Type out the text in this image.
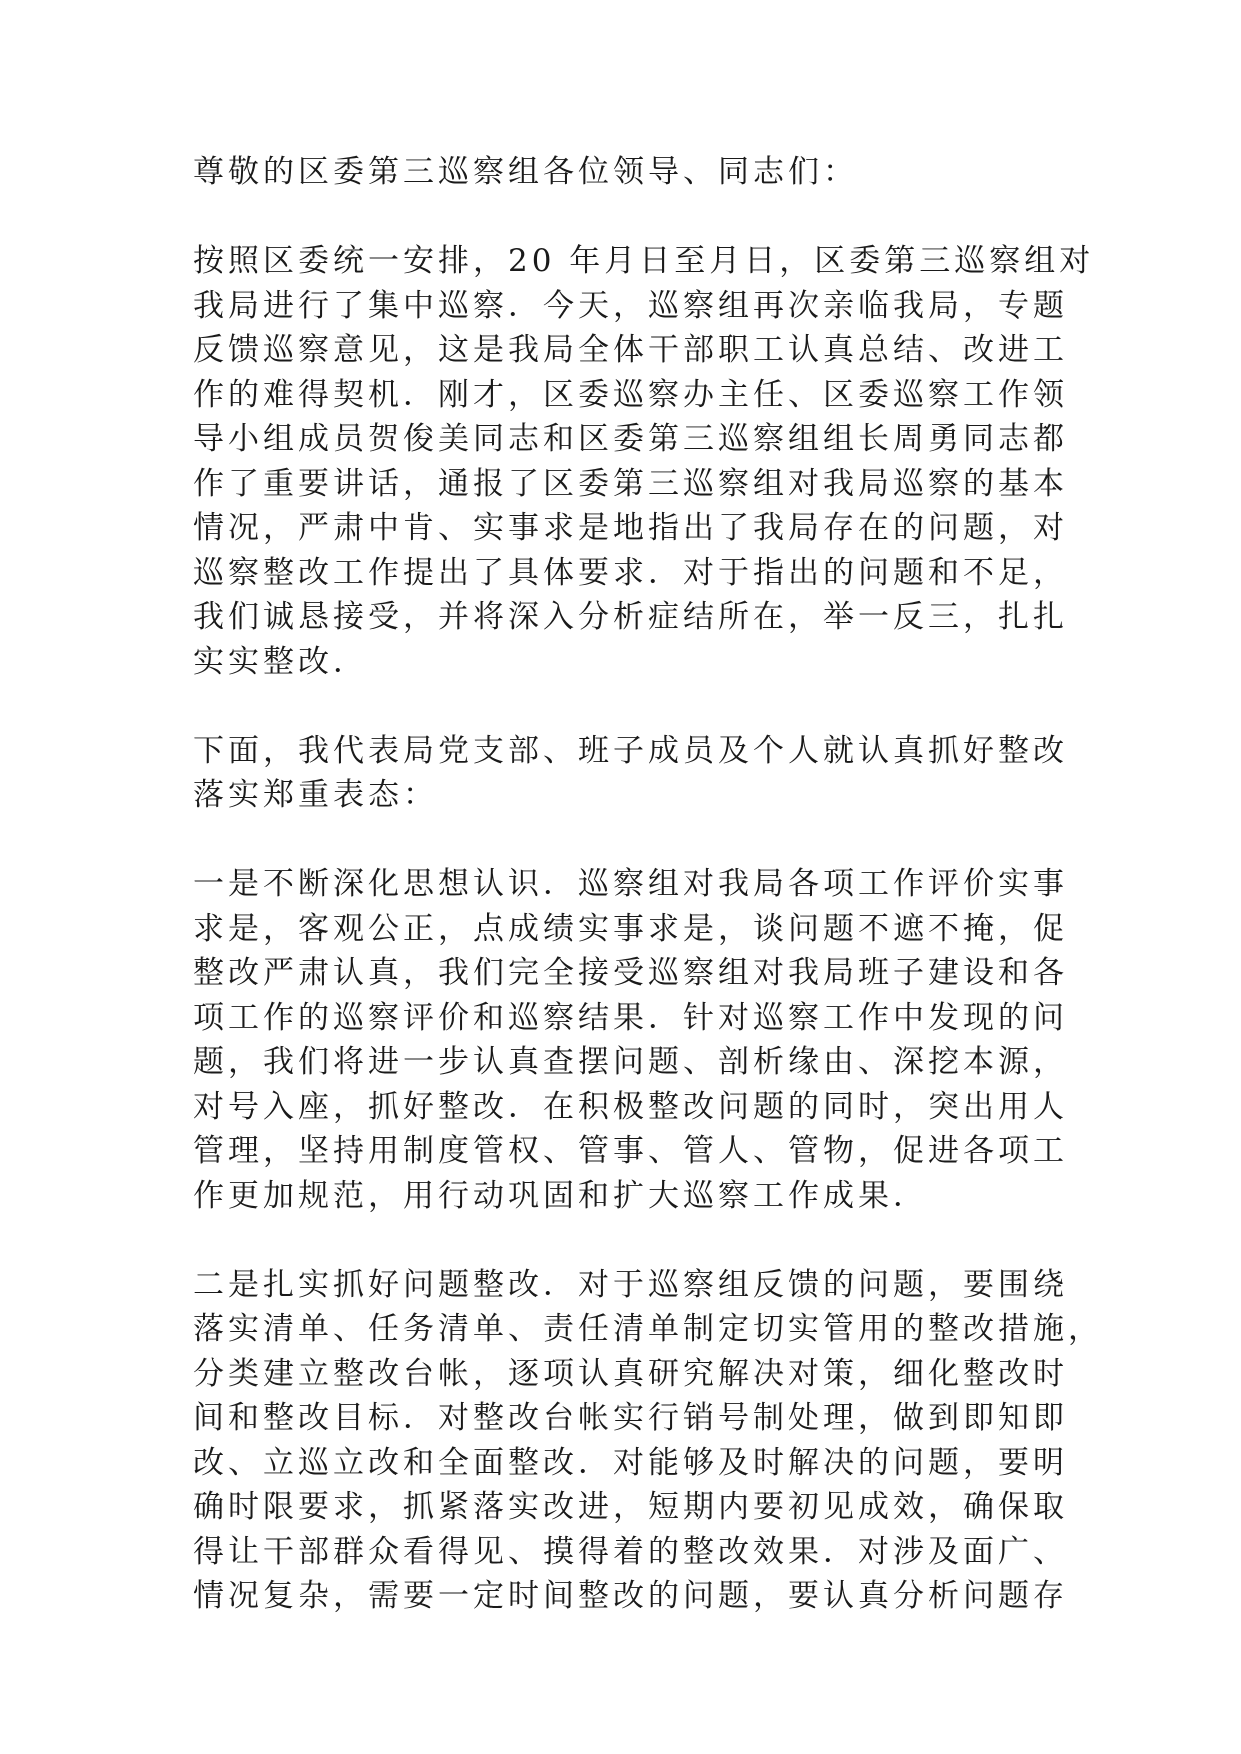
尊敬的区委第三巡察组各位领导、同志们：
按照区委统一安排，20 年月日至月日，区委第三巡察组对
我局进行了集中巡察．今天，巡察组再次亲临我局，专题
反馈巡察意见，这是我局全体干部职工认真总结、改进工
作的难得契机．刚才，区委巡察办主任、区委巡察工作领
导小组成员贺俊美同志和区委第三巡察组组长周勇同志都
作了重要讲话，通报了区委第三巡察组对我局巡察的基本
情况，严肃中肯、实事求是地指出了我局存在的问题，对
巡察整改工作提出了具体要求．对于指出的问题和不足，
我们诚恳接受，并将深入分析症结所在，举一反三，扎扎
实实整改．
下面，我代表局党支部、班子成员及个人就认真抓好整改
落实郑重表态：
一是不断深化思想认识．巡察组对我局各项工作评价实事
求是，客观公正，点成绩实事求是，谈问题不遮不掩，促
整改严肃认真，我们完全接受巡察组对我局班子建设和各
项工作的巡察评价和巡察结果．针对巡察工作中发现的问
题，我们将进一步认真查摆问题、剖析缘由、深挖本源，
对号入座，抓好整改．在积极整改问题的同时，突出用人
管理，坚持用制度管权、管事、管人、管物，促进各项工
作更加规范，用行动巩固和扩大巡察工作成果．
二是扎实抓好问题整改．对于巡察组反馈的问题，要围绕
落实清单、任务清单、责任清单制定切实管用的整改措施，
分类建立整改台帐，逐项认真研究解决对策，细化整改时
间和整改目标．对整改台帐实行销号制处理，做到即知即
改、立巡立改和全面整改．对能够及时解决的问题，要明
确时限要求，抓紧落实改进，短期内要初见成效，确保取
得让干部群众看得见、摸得着的整改效果．对涉及面广、
情况复杂，需要一定时间整改的问题，要认真分析问题存
